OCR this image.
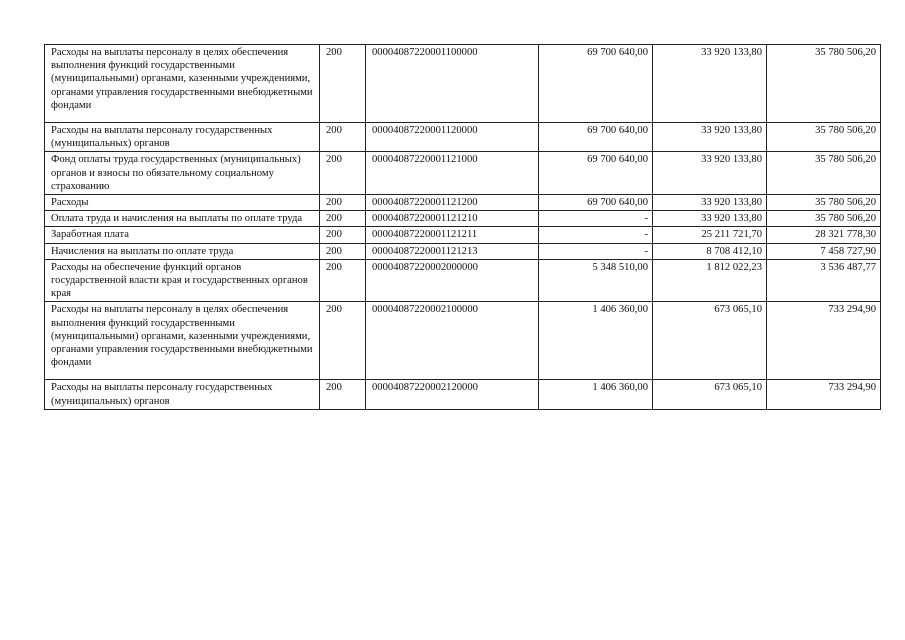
Расходы на выплаты персоналу в целях обеспечения выполнения функций государственными (муниципальными) органами, казенными учреждениями, органами управления государственными внебюджетными фондами	200	00004087220001100000	69 700 640,00	33 920 133,80	35 780 506,20
Расходы на выплаты персоналу государственных (муниципальных) органов	200	00004087220001120000	69 700 640,00	33 920 133,80	35 780 506,20
Фонд оплаты труда государственных (муниципальных) органов и взносы по обязательному социальному страхованию	200	00004087220001121000	69 700 640,00	33 920 133,80	35 780 506,20
Расходы	200	00004087220001121200	69 700 640,00	33 920 133,80	35 780 506,20
Оплата труда и начисления на выплаты по оплате труда	200	00004087220001121210	-	33 920 133,80	35 780 506,20
Заработная плата	200	00004087220001121211	-	25 211 721,70	28 321 778,30
Начисления на выплаты по оплате труда	200	00004087220001121213	-	8 708 412,10	7 458 727,90
Расходы на обеспечение функций органов государственной власти края и государственных органов края	200	00004087220002000000	5 348 510,00	1 812 022,23	3 536 487,77
Расходы на выплаты персоналу в целях обеспечения выполнения функций государственными (муниципальными) органами, казенными учреждениями, органами управления государственными внебюджетными фондами	200	00004087220002100000	1 406 360,00	673 065,10	733 294,90
Расходы на выплаты персоналу государственных (муниципальных) органов	200	00004087220002120000	1 406 360,00	673 065,10	733 294,90
